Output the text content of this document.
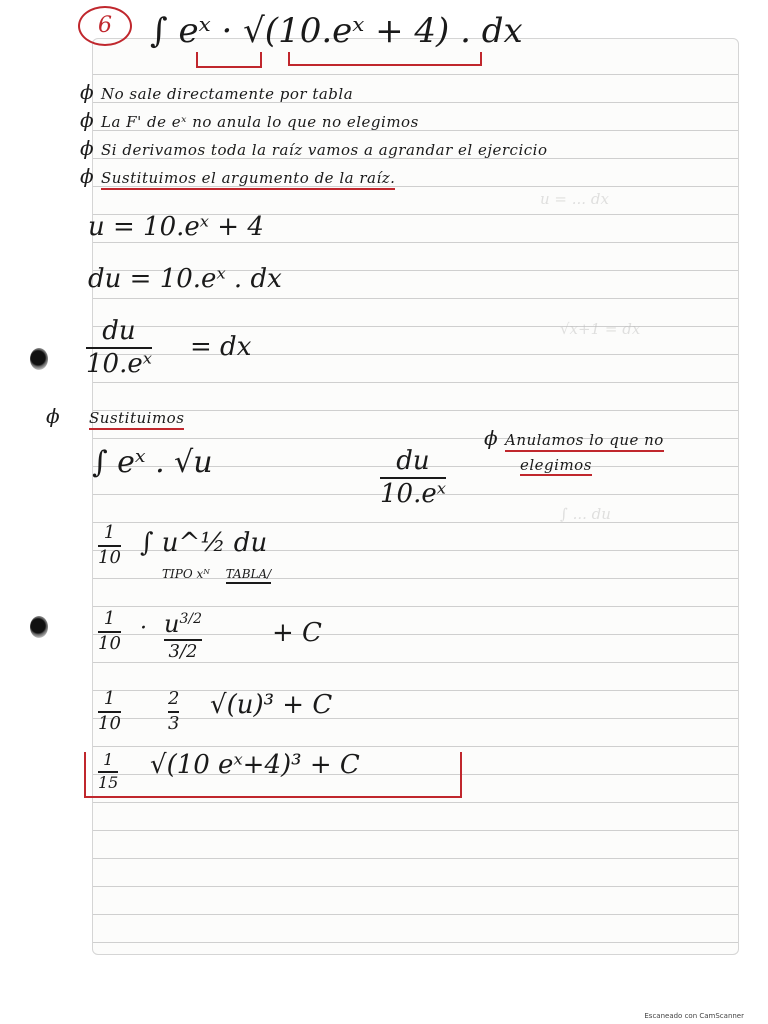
u = ... dx
√x+1 = dx
∫ ... du
6 ∫ eˣ · √(10.eˣ + 4) . dx
ϕ No sale directamente por tabla
ϕ La F' de eˣ no anula lo que no elegimos
ϕ Si derivamos toda la raíz vamos a agrandar el ejercicio
ϕ Sustituimos el argumento de la raíz.
u = 10.eˣ + 4
du = 10.eˣ . dx
du
10.eˣ
= dx
ϕ Sustituimos
∫ eˣ . √u	du
10.eˣ
ϕ Anulamos lo que no
elegimos
1
10 ∫ u^½ du
TIPO xᴺ TABLA/
1
10
· $u^{3/2}$
3/2
+ C
1
10
2
3
√(u)³ + C
1
15
√(10 eˣ+4)³ + C
Escaneado con CamScanner
